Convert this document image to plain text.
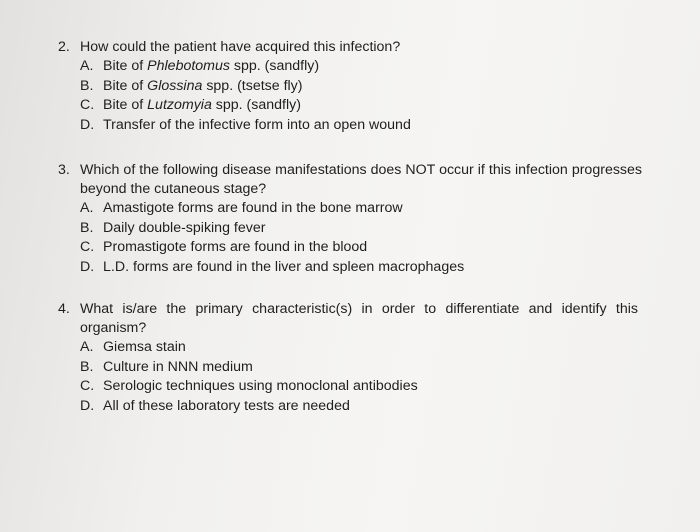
2. How could the patient have acquired this infection?
A. Bite of Phlebotomus spp. (sandfly)
B. Bite of Glossina spp. (tsetse fly)
C. Bite of Lutzomyia spp. (sandfly)
D. Transfer of the infective form into an open wound
3. Which of the following disease manifestations does NOT occur if this infection progresses beyond the cutaneous stage?
A. Amastigote forms are found in the bone marrow
B. Daily double-spiking fever
C. Promastigote forms are found in the blood
D. L.D. forms are found in the liver and spleen macrophages
4. What is/are the primary characteristic(s) in order to differentiate and identify this organism?
A. Giemsa stain
B. Culture in NNN medium
C. Serologic techniques using monoclonal antibodies
D. All of these laboratory tests are needed
